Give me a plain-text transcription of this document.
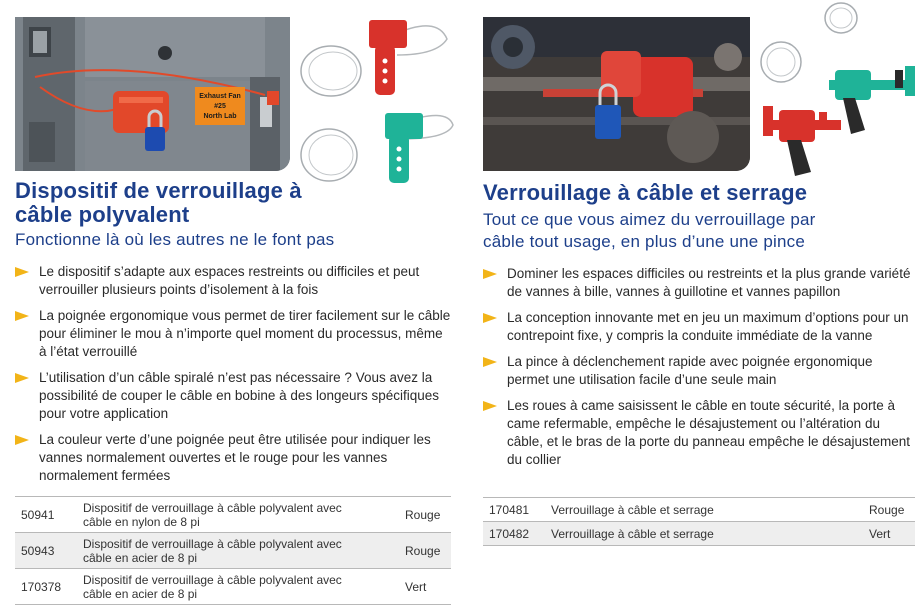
Exhaust Fan
#25
North Lab
Dispositif de verrouillage à
câble polyvalent
Fonctionne là où les autres ne le font pas
Le dispositif s’adapte aux espaces restreints ou difficiles et peut verrouiller plusieurs points d’isolement à la fois
La poignée ergonomique vous permet de tirer facilement sur le câble pour éliminer le mou à n’importe quel moment du processus, même à l’état verrouillé
L’utilisation d’un câble spiralé n’est pas nécessaire ? Vous avez la possibilité de couper le câble en bobine à des longeurs spécifiques pour votre application
La couleur verte d’une poignée peut être utilisée pour indiquer les vannes normalement ouvertes et le rouge pour les vannes normalement fermées
50941	Dispositif de verrouillage à câble polyvalent avec
câble en nylon de 8 pi	Rouge
50943	Dispositif de verrouillage à câble polyvalent avec
câble en acier de 8 pi	Rouge
170378	Dispositif de verrouillage à câble polyvalent avec
câble en acier de 8 pi	Vert
Verrouillage à câble et serrage
Tout ce que vous aimez du verrouillage par
câble tout usage, en plus d’une une pince
Dominer les espaces difficiles ou restreints et la plus grande variété de vannes à bille, vannes à guillotine et vannes papillon
La conception innovante met en jeu un maximum d’options pour un contrepoint fixe, y compris la conduite immédiate de la vanne
La pince à déclenchement rapide avec poignée ergonomique permet une utilisation facile d’une seule main
Les roues à came saisissent le câble en toute sécurité, la porte à came refermable, empêche le désajustement ou l’altération du câble, et le bras de la porte du panneau empêche le désajustement du collier
170481	Verrouillage à câble et serrage	Rouge
170482	Verrouillage à câble et serrage	Vert
